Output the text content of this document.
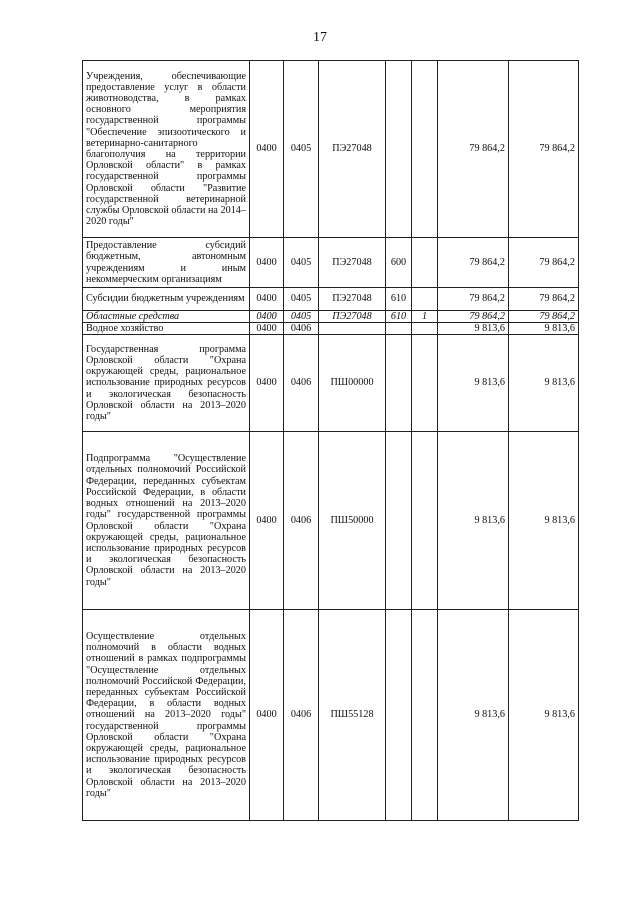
17
Учреждения, обеспечивающие предоставление услуг в области животноводства, в рамках основного мероприятия государственной программы "Обеспечение эпизоотического и ветеринарно-санитарного благополучия на территории Орловской области" в рамках государственной программы Орловской области "Развитие государственной ветеринарной службы Орловской области на 2014–2020 годы"	0400	0405	ПЭ27048			79 864,2	79 864,2
Предоставление субсидий бюджетным, автономным учреждениям и иным некоммерческим организациям	0400	0405	ПЭ27048	600		79 864,2	79 864,2
Субсидии бюджетным учреждениям	0400	0405	ПЭ27048	610		79 864,2	79 864,2
Областные средства	0400	0405	ПЭ27048	610	1	79 864,2	79 864,2
Водное хозяйство	0400	0406				9 813,6	9 813,6
Государственная программа Орловской области "Охрана окружающей среды, рациональное использование природных ресурсов и экологическая безопасность Орловской области на 2013–2020 годы"	0400	0406	ПШ00000			9 813,6	9 813,6
Подпрограмма "Осуществление отдельных полномочий Российской Федерации, переданных субъектам Российской Федерации, в области водных отношений на 2013–2020 годы" государственной программы Орловской области "Охрана окружающей среды, рациональное использование природных ресурсов и экологическая безопасность Орловской области на 2013–2020 годы"	0400	0406	ПШ50000			9 813,6	9 813,6
Осуществление отдельных полномочий в области водных отношений в рамках подпрограммы "Осуществление отдельных полномочий Российской Федерации, переданных субъектам Российской Федерации, в области водных отношений на 2013–2020 годы" государственной программы Орловской области "Охрана окружающей среды, рациональное использование природных ресурсов и экологическая безопасность Орловской области на 2013–2020 годы"	0400	0406	ПШ55128			9 813,6	9 813,6
